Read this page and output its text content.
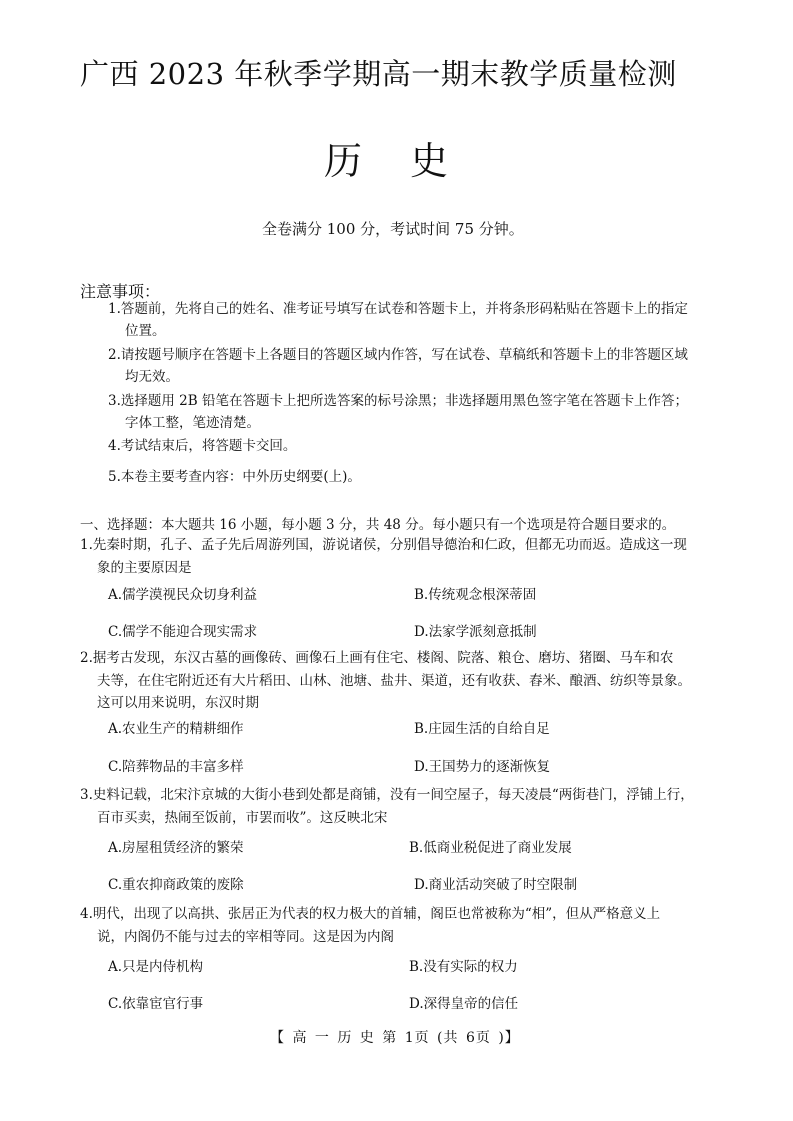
广西 2023 年秋季学期高一期末教学质量检测
历史
全卷满分 100 分，考试时间 75 分钟。
注意事项：
1.答题前，先将自己的姓名、准考证号填写在试卷和答题卡上，并将条形码粘贴在答题卡上的指定
位置。
2.请按题号顺序在答题卡上各题目的答题区域内作答，写在试卷、草稿纸和答题卡上的非答题区域
均无效。
3.选择题用 2B 铅笔在答题卡上把所选答案的标号涂黑；非选择题用黑色签字笔在答题卡上作答；
字体工整，笔迹清楚。
4.考试结束后，将答题卡交回。
5.本卷主要考查内容：中外历史纲要(上)。
一、选择题：本大题共 16 小题，每小题 3 分，共 48 分。每小题只有一个选项是符合题目要求的。
1.先秦时期，孔子、孟子先后周游列国，游说诸侯，分别倡导德治和仁政，但都无功而返。造成这一现
象的主要原因是
A.儒学漠视民众切身利益	B.传统观念根深蒂固
C.儒学不能迎合现实需求	D.法家学派刻意抵制
2.据考古发现，东汉古墓的画像砖、画像石上画有住宅、楼阁、院落、粮仓、磨坊、猪圈、马车和农
夫等，在住宅附近还有大片稻田、山林、池塘、盐井、渠道，还有收获、舂米、酿酒、纺织等景象。
这可以用来说明，东汉时期
A.农业生产的精耕细作	B.庄园生活的自给自足
C.陪葬物品的丰富多样	D.王国势力的逐渐恢复
3.史料记载，北宋汴京城的大街小巷到处都是商铺，没有一间空屋子，每天凌晨“两街巷门，浮铺上行，
百市买卖，热闹至饭前，市罢而收”。这反映北宋
A.房屋租赁经济的繁荣	B.低商业税促进了商业发展
C.重农抑商政策的废除	D.商业活动突破了时空限制
4.明代，出现了以高拱、张居正为代表的权力极大的首辅，阁臣也常被称为“相”，但从严格意义上
说，内阁仍不能与过去的宰相等同。这是因为内阁
A.只是内侍机构	B.没有实际的权力
C.依靠宦官行事	D.深得皇帝的信任
【 高 一 历 史 第 1页 (共 6页 )】
